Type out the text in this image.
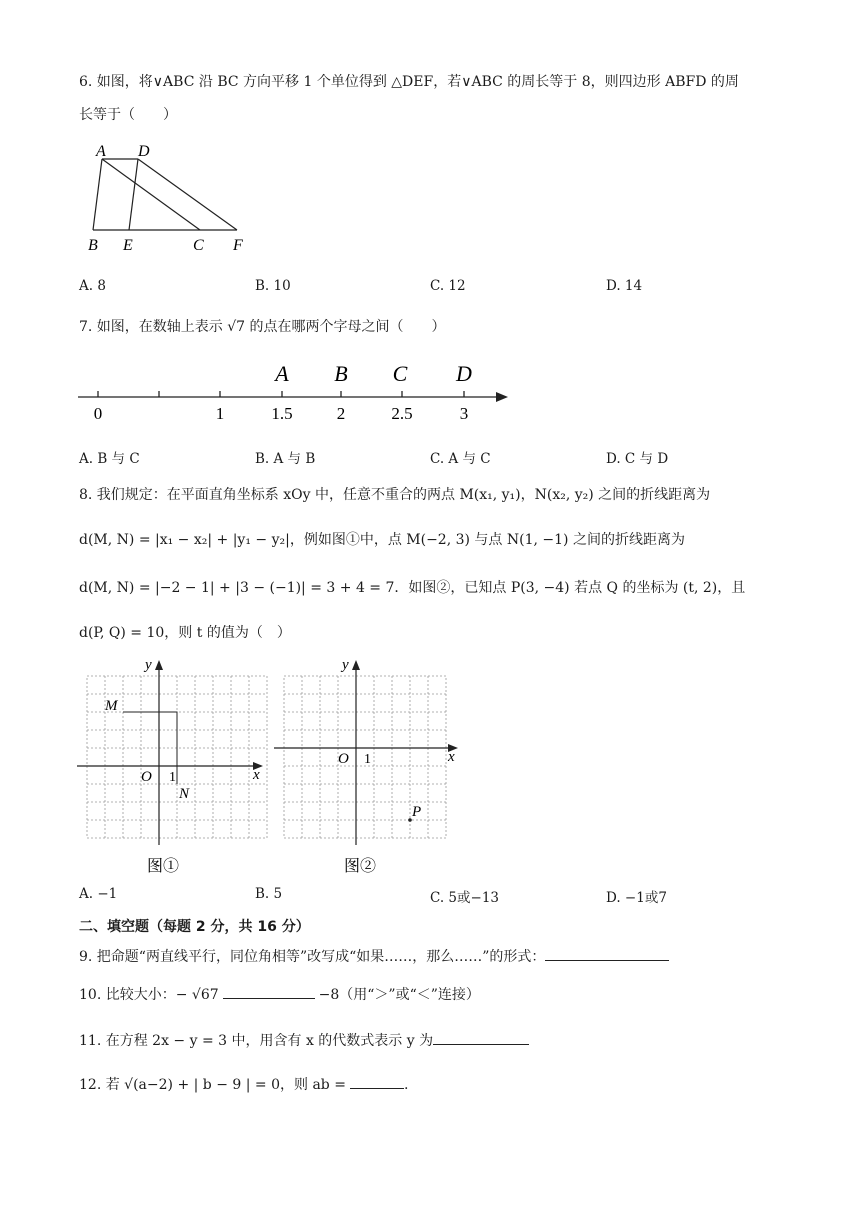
6. 如图，将∨ABC 沿 BC 方向平移 1 个单位得到 △DEF，若∨ABC 的周长等于 8，则四边形 ABFD 的周
长等于（　　）
A D
B E	C F
A. 8	B. 10	C. 12	D. 14
7. 如图，在数轴上表示 √7 的点在哪两个字母之间（　　）
0	1	1.5	2	2.5	3
A B C D
A. B 与 C	B. A 与 B	C. A 与 C	D. C 与 D
8. 我们规定：在平面直角坐标系 xOy 中，任意不重合的两点 M(x₁, y₁)，N(x₂, y₂) 之间的折线距离为
d(M, N) = |x₁ − x₂| + |y₁ − y₂|，例如图①中，点 M(−2, 3) 与点 N(1, −1) 之间的折线距离为
d(M, N) = |−2 − 1| + |3 − (−1)| = 3 + 4 = 7．如图②，已知点 P(3, −4) 若点 Q 的坐标为 (t, 2)，且
d(P, Q) = 10，则 t 的值为（　）
y
x
O 1
M
N
图①
y
x
O 1
P
图②
A. −1	B. 5	C. 5或−13	D. −1或7
二、填空题（每题 2 分，共 16 分）
9. 把命题“两直线平行，同位角相等”改写成“如果……，那么……”的形式：
10. 比较大小：− √67	−8（用“＞”或“＜”连接）
11. 在方程 2x − y = 3 中，用含有 x 的代数式表示 y 为
12. 若 √(a−2) + | b − 9 | = 0，则 ab =	.
